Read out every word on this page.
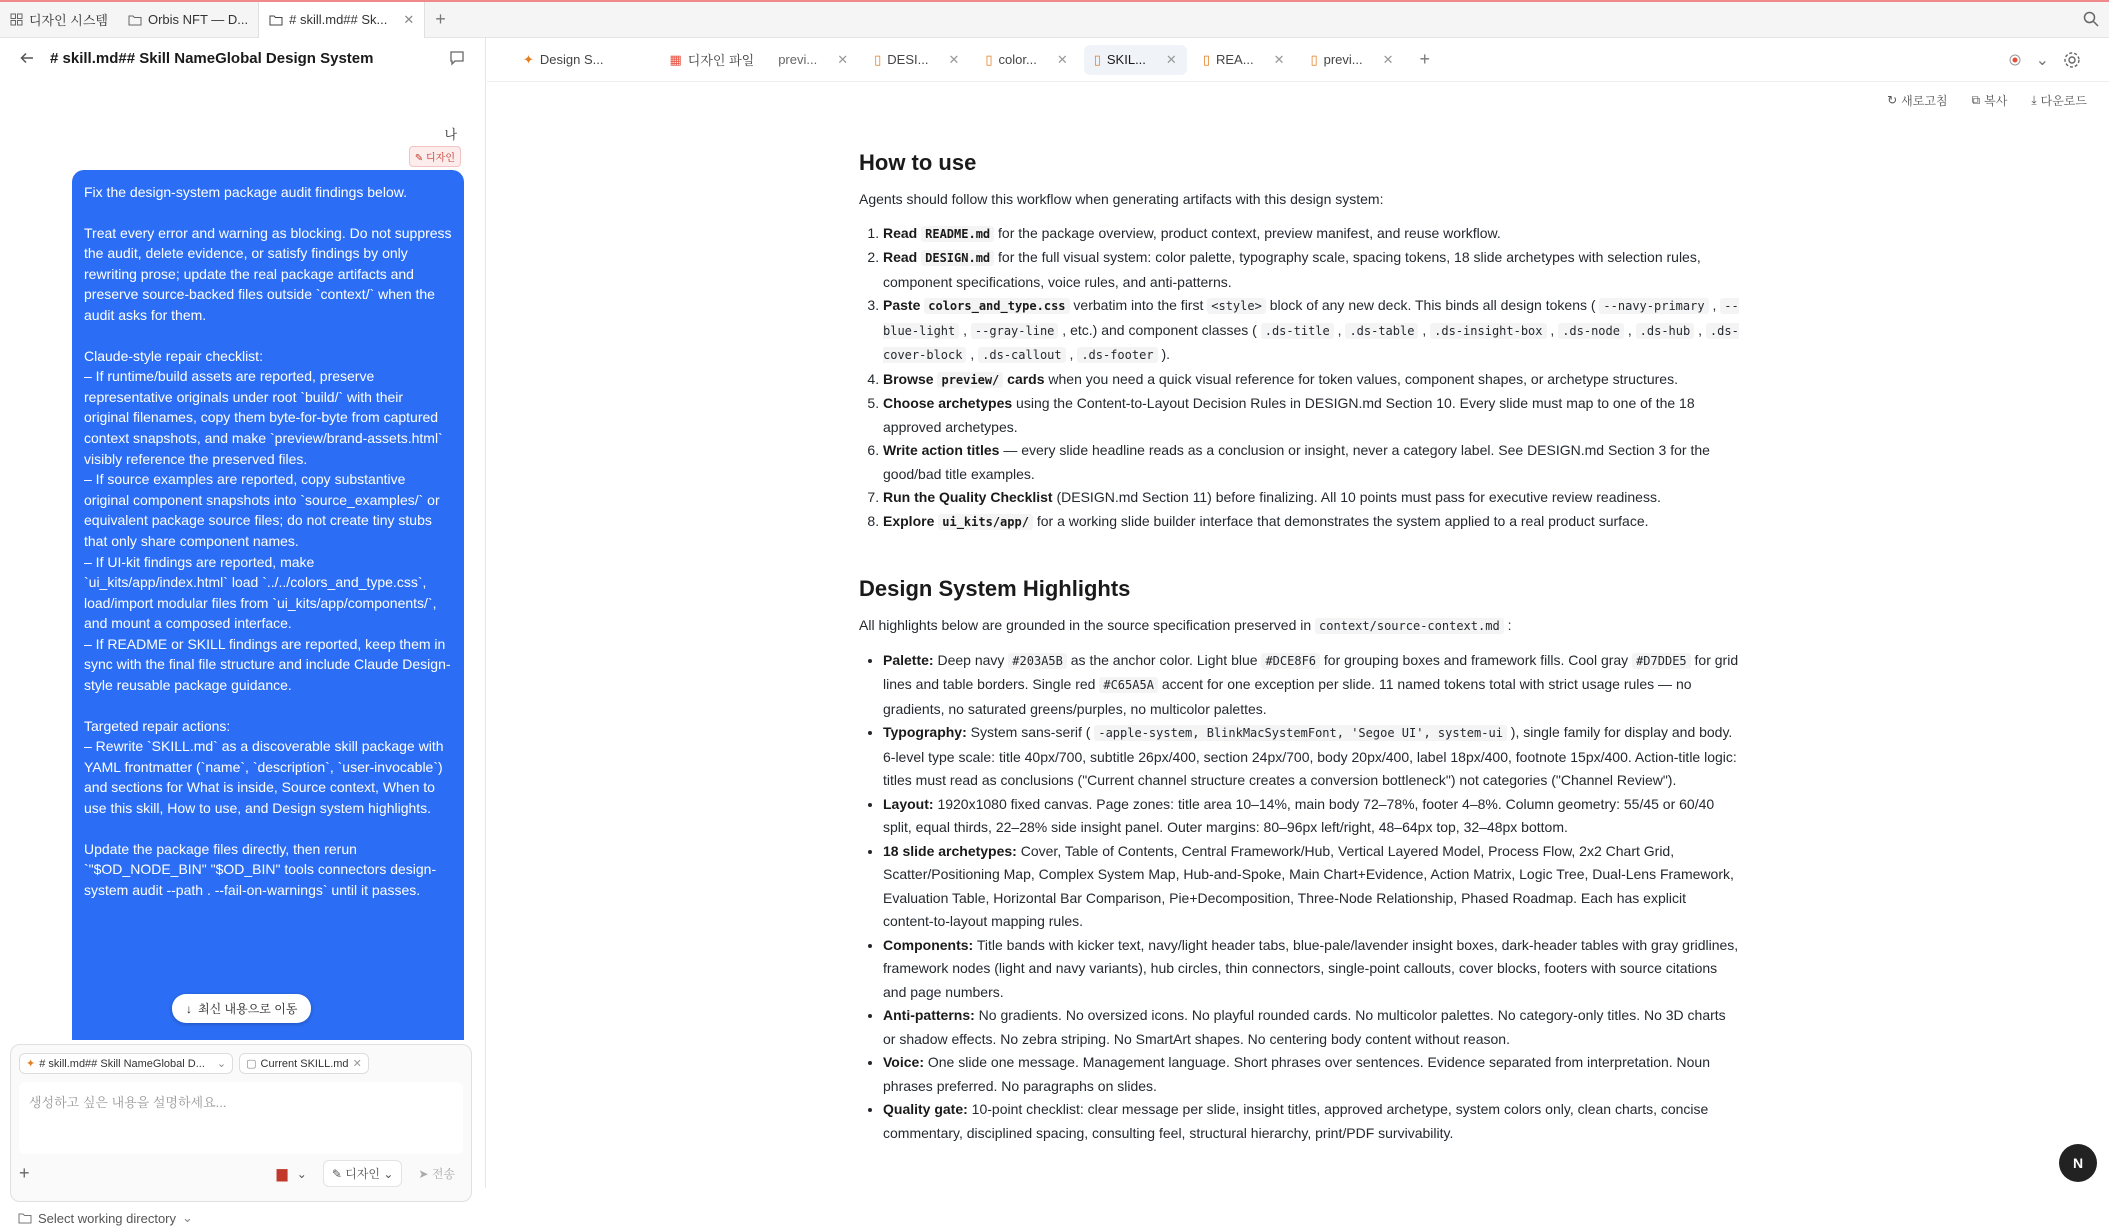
디자인 시스템	Orbis NFT — D...	# skill.md## Sk... ✕	+
# skill.md## Skill NameGlobal Design System
나
✎ 디자인

Fix the design-system package audit findings below.

Treat every error and warning as blocking. Do not suppress the audit, delete evidence, or satisfy findings by only rewriting prose; update the real package artifacts and preserve source-backed files outside `context/` when the audit asks for them.

Claude-style repair checklist:
– If runtime/build assets are reported, preserve representative originals under root `build/` with their original filenames, copy them byte-for-byte from captured context snapshots, and make `preview/brand-assets.html` visibly reference the preserved files.
– If source examples are reported, copy substantive original component snapshots into `source_examples/` or equivalent package source files; do not create tiny stubs that only share component names.
– If UI-kit findings are reported, make `ui_kits/app/index.html` load `../../colors_and_type.css`, load/import modular files from `ui_kits/app/components/`, and mount a composed interface.
– If README or SKILL findings are reported, keep them in sync with the final file structure and include Claude Design-style reusable package guidance.

Targeted repair actions:
– Rewrite `SKILL.md` as a discoverable skill package with YAML frontmatter (`name`, `description`, `user-invocable`) and sections for What is inside, Source context, When to use this skill, How to use, and Design system highlights.

Update the package files directly, then rerun `"$OD_NODE_BIN" "$OD_BIN" tools connectors design-system audit --path . --fail-on-warnings` until it passes.

↓ 최신 내용으로 이동
✦ # skill.md## Skill NameGlobal D... ⌄ ▢ Current SKILL.md ✕
생성하고 싶은 내용을 설명하세요...
+	▆ ⌄	✎ 디자인 ⌄	➤ 전송
Select working directory ⌄
✦ Design S...	▦ 디자인 파일 previ... ✕ ▯ DESI... ✕ ▯ color... ✕ ▯ SKIL... ✕ ▯ REA... ✕ ▯ previ... ✕ +	⌄
↻ 새로고침 ⧉ 복사 ⤓ 다운로드
How to use

Agents should follow this workflow when generating artifacts with this design system:

1. Read README.md for the package overview, product context, preview manifest, and reuse workflow.
2. Read DESIGN.md for the full visual system: color palette, typography scale, spacing tokens, 18 slide archetypes with selection rules, component specifications, voice rules, and anti-patterns.
3. Paste colors_and_type.css verbatim into the first <style> block of any new deck. This binds all design tokens ( --navy-primary , --blue-light , --gray-line , etc.) and component classes ( .ds-title , .ds-table , .ds-insight-box , .ds-node , .ds-hub , .ds-cover-block , .ds-callout , .ds-footer ).
4. Browse preview/ cards when you need a quick visual reference for token values, component shapes, or archetype structures.
5. Choose archetypes using the Content-to-Layout Decision Rules in DESIGN.md Section 10. Every slide must map to one of the 18 approved archetypes.
6. Write action titles — every slide headline reads as a conclusion or insight, never a category label. See DESIGN.md Section 3 for the good/bad title examples.
7. Run the Quality Checklist (DESIGN.md Section 11) before finalizing. All 10 points must pass for executive review readiness.
8. Explore ui_kits/app/ for a working slide builder interface that demonstrates the system applied to a real product surface.
Design System Highlights

All highlights below are grounded in the source specification preserved in context/source-context.md :

• Palette: Deep navy #203A5B as the anchor color. Light blue #DCE8F6 for grouping boxes and framework fills. Cool gray #D7DDE5 for grid lines and table borders. Single red #C65A5A accent for one exception per slide. 11 named tokens total with strict usage rules — no gradients, no saturated greens/purples, no multicolor palettes.
• Typography: System sans-serif ( -apple-system, BlinkMacSystemFont, 'Segoe UI', system-ui ), single family for display and body. 6-level type scale: title 40px/700, subtitle 26px/400, section 24px/700, body 20px/400, label 18px/400, footnote 15px/400. Action-title logic: titles must read as conclusions ("Current channel structure creates a conversion bottleneck") not categories ("Channel Review").
• Layout: 1920x1080 fixed canvas. Page zones: title area 10–14%, main body 72–78%, footer 4–8%. Column geometry: 55/45 or 60/40 split, equal thirds, 22–28% side insight panel. Outer margins: 80–96px left/right, 48–64px top, 32–48px bottom.
• 18 slide archetypes: Cover, Table of Contents, Central Framework/Hub, Vertical Layered Model, Process Flow, 2x2 Chart Grid, Scatter/Positioning Map, Complex System Map, Hub-and-Spoke, Main Chart+Evidence, Action Matrix, Logic Tree, Dual-Lens Framework, Evaluation Table, Horizontal Bar Comparison, Pie+Decomposition, Three-Node Relationship, Phased Roadmap. Each has explicit content-to-layout mapping rules.
• Components: Title bands with kicker text, navy/light header tabs, blue-pale/lavender insight boxes, dark-header tables with gray gridlines, framework nodes (light and navy variants), hub circles, thin connectors, single-point callouts, cover blocks, footers with source citations and page numbers.
• Anti-patterns: No gradients. No oversized icons. No playful rounded cards. No multicolor palettes. No category-only titles. No 3D charts or shadow effects. No zebra striping. No SmartArt shapes. No centering body content without reason.
• Voice: One slide one message. Management language. Short phrases over sentences. Evidence separated from interpretation. Noun phrases preferred. No paragraphs on slides.
• Quality gate: 10-point checklist: clear message per slide, insight titles, approved archetype, system colors only, clean charts, concise commentary, disciplined spacing, consulting feel, structural hierarchy, print/PDF survivability.
N
